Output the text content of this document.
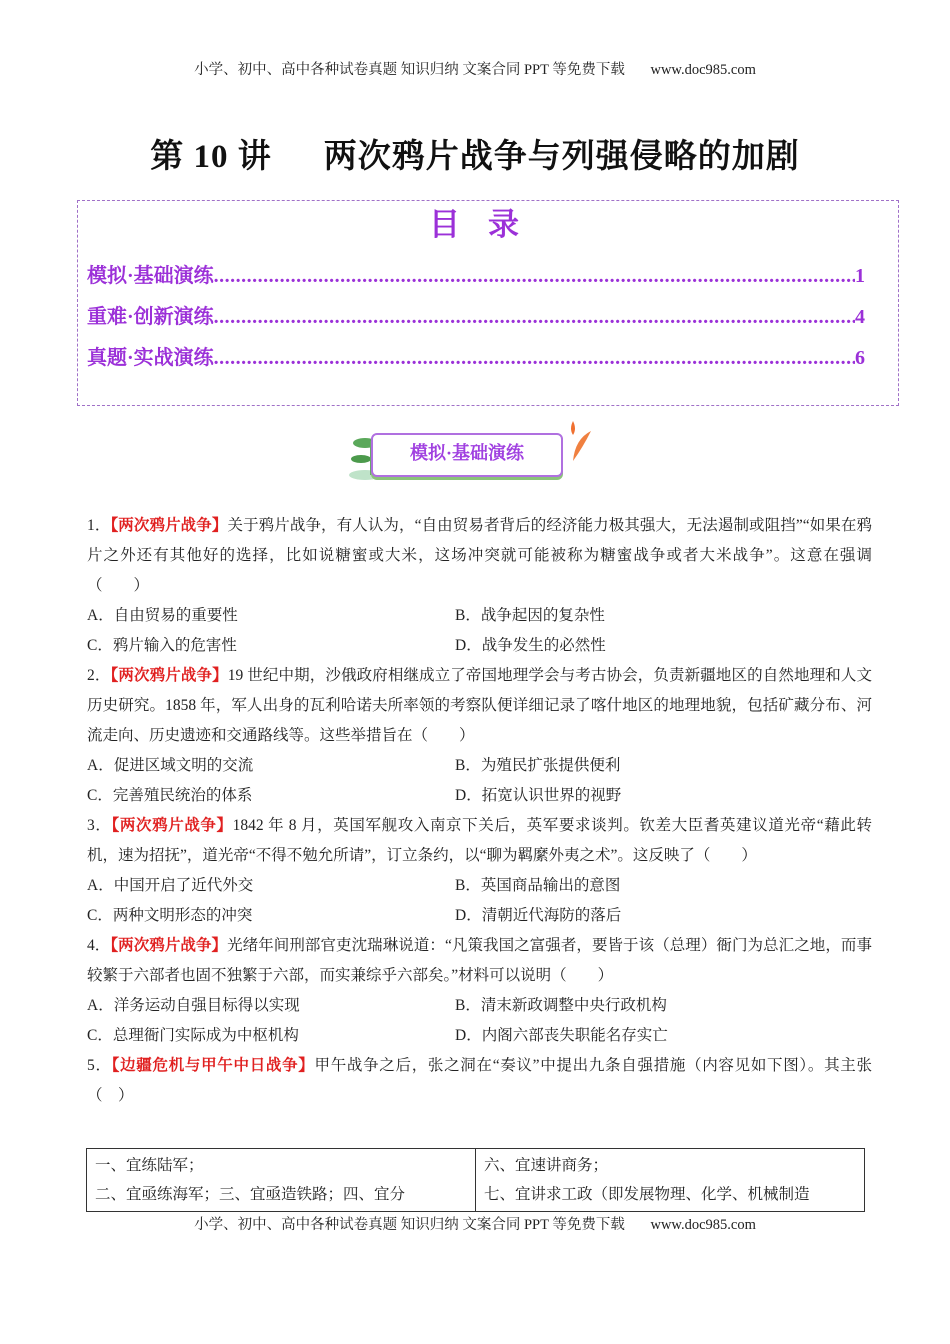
小学、初中、高中各种试卷真题 知识归纳 文案合同 PPT 等免费下载 www.doc985.com
第 10 讲 两次鸦片战争与列强侵略的加剧
目录
模拟·基础演练 .....	1
重难·创新演练 .....	4
真题·实战演练 .....	6
模拟·基础演练
1．【两次鸦片战争】关于鸦片战争，有人认为，“自由贸易者背后的经济能力极其强大，无法遏制或阻挡”“如果在鸦片之外还有其他好的选择，比如说糖蜜或大米，这场冲突就可能被称为糖蜜战争或者大米战争”。这意在强调（　　）
A．自由贸易的重要性	B．战争起因的复杂性
C．鸦片输入的危害性	D．战争发生的必然性
2．【两次鸦片战争】19 世纪中期，沙俄政府相继成立了帝国地理学会与考古协会，负责新疆地区的自然地理和人文历史研究。1858 年，军人出身的瓦利哈诺夫所率领的考察队便详细记录了喀什地区的地理地貌，包括矿藏分布、河流走向、历史遗迹和交通路线等。这些举措旨在（　　）
A．促进区域文明的交流	B．为殖民扩张提供便利
C．完善殖民统治的体系	D．拓宽认识世界的视野
3．【两次鸦片战争】1842 年 8 月，英国军舰攻入南京下关后，英军要求谈判。钦差大臣耆英建议道光帝“藉此转机，速为招抚”，道光帝“不得不勉允所请”，订立条约，以“聊为羁縻外夷之术”。这反映了（　　）
A．中国开启了近代外交	B．英国商品输出的意图
C．两种文明形态的冲突	D．清朝近代海防的落后
4．【两次鸦片战争】光绪年间刑部官吏沈瑞琳说道：“凡策我国之富强者，要皆于该（总理）衙门为总汇之地，而事较繁于六部者也固不独繁于六部，而实兼综乎六部矣。”材料可以说明（　　）
A．洋务运动自强目标得以实现	B．清末新政调整中央行政机构
C．总理衙门实际成为中枢机构	D．内阁六部丧失职能名存实亡
5．【边疆危机与甲午中日战争】甲午战争之后，张之洞在“奏议”中提出九条自强措施（内容见如下图）。其主张（　）
一、宜练陆军；
二、宜亟练海军；三、宜亟造铁路；四、宜分

六、宜速讲商务；
七、宜讲求工政（即发展物理、化学、机械制造
小学、初中、高中各种试卷真题 知识归纳 文案合同 PPT 等免费下载 www.doc985.com
